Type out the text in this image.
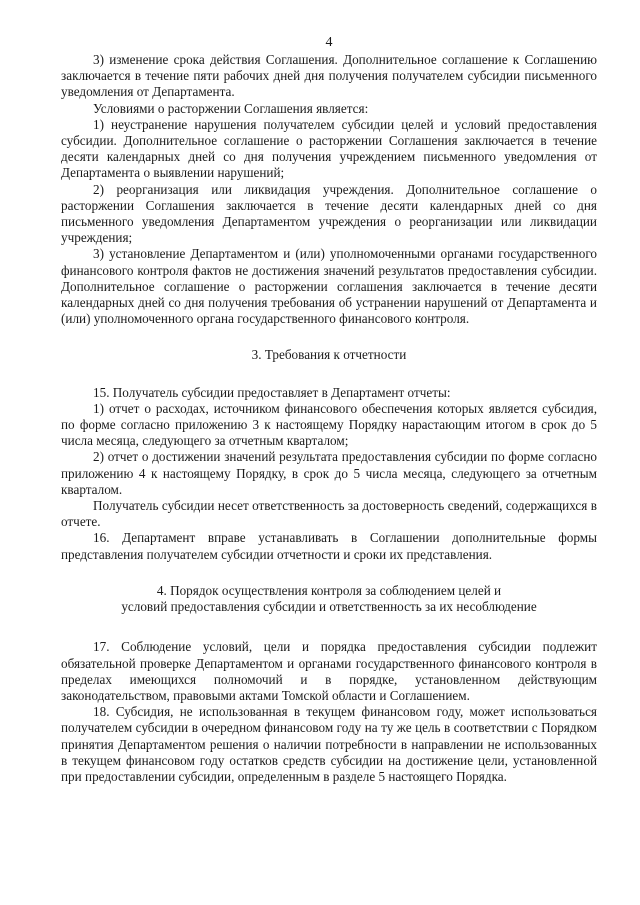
4

3) изменение срока действия Соглашения. Дополнительное соглашение к Соглашению заключается в течение пяти рабочих дней дня получения получателем субсидии письменного уведомления от Департамента.

Условиями о расторжении Соглашения является:

1) неустранение нарушения получателем субсидии целей и условий предоставления субсидии. Дополнительное соглашение о расторжении Соглашения заключается в течение десяти календарных дней со дня получения учреждением письменного уведомления от Департамента о выявлении нарушений;

2) реорганизация или ликвидация учреждения. Дополнительное соглашение о расторжении Соглашения заключается в течение десяти календарных дней со дня письменного уведомления Департаментом учреждения о реорганизации или ликвидации учреждения;

3) установление Департаментом и (или) уполномоченными органами государственного финансового контроля фактов не достижения значений результатов предоставления субсидии. Дополнительное соглашение о расторжении соглашения заключается в течение десяти календарных дней со дня получения требования об устранении нарушений от Департамента и (или) уполномоченного органа государственного финансового контроля.

3. Требования к отчетности

15. Получатель субсидии предоставляет в Департамент отчеты:

1) отчет о расходах, источником финансового обеспечения которых является субсидия, по форме согласно приложению 3 к настоящему Порядку нарастающим итогом в срок до 5 числа месяца, следующего за отчетным кварталом;

2) отчет о достижении значений результата предоставления субсидии по форме согласно приложению 4 к настоящему Порядку, в срок до 5 числа месяца, следующего за отчетным кварталом.

Получатель субсидии несет ответственность за достоверность сведений, содержащихся в отчете.

16. Департамент вправе устанавливать в Соглашении дополнительные формы представления получателем субсидии отчетности и сроки их представления.

4. Порядок осуществления контроля за соблюдением целей и
условий предоставления субсидии и ответственность за их несоблюдение

17. Соблюдение условий, цели и порядка предоставления субсидии подлежит обязательной проверке Департаментом и органами государственного финансового контроля в пределах имеющихся полномочий и в порядке, установленном действующим законодательством, правовыми актами Томской области и Соглашением.

18. Субсидия, не использованная в текущем финансовом году, может использоваться получателем субсидии в очередном финансовом году на ту же цель в соответствии с Порядком принятия Департаментом решения о наличии потребности в направлении не использованных в текущем финансовом году остатков средств субсидии на достижение цели, установленной при предоставлении субсидии, определенным в разделе 5 настоящего Порядка.
